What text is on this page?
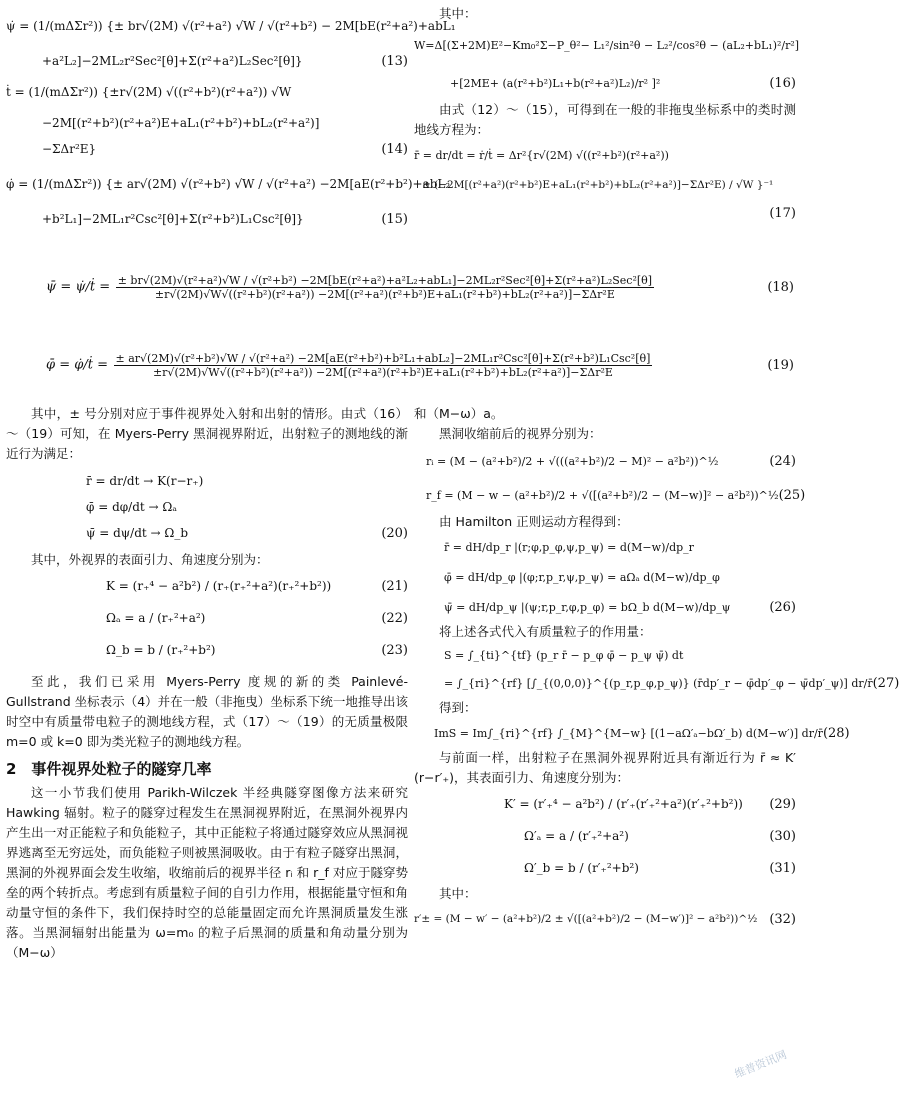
ψ̇ = (1/(mΔΣr²)) {± br√(2M) √(r²+a²) √W / √(r²+b²) − 2M[bE(r²+a²)+abL₁
+a²L₂]−2ML₂r²Sec²[θ]+Σ(r²+a²)L₂Sec²[θ]}	(13)
ṫ = (1/(mΔΣr²)) {±r√(2M) √((r²+b²)(r²+a²)) √W
−2M[(r²+b²)(r²+a²)E+aL₁(r²+b²)+bL₂(r²+a²)]
−ΣΔr²E}	(14)
φ̇ = (1/(mΔΣr²)) {± ar√(2M) √(r²+b²) √W / √(r²+a²) −2M[aE(r²+b²)+abL₂
+b²L₁]−2ML₁r²Csc²[θ]+Σ(r²+b²)L₁Csc²[θ]}	(15)
其中：
W=Δ[(Σ+2M)E²−Km₀²Σ−P_θ²− L₁²/sin²θ − L₂²/cos²θ − (aL₂+bL₁)²/r²]
+[2ME+ (a(r²+b²)L₁+b(r²+a²)L₂)/r² ]²	(16)
由式（12）～（15），可得到在一般的非拖曳坐标系中的类时测地线方程为：
r̄ = dr/dt = ṙ/ṫ = Δr²{r√(2M) √((r²+b²)(r²+a²))
± (−2M[(r²+a²)(r²+b²)E+aL₁(r²+b²)+bL₂(r²+a²)]−ΣΔr²E) / √W }⁻¹
(17)
ψ̄ = ψ̇/ṫ = ± br√(2M)√(r²+a²)√W / √(r²+b²) −2M[bE(r²+a²)+a²L₂+abL₁]−2ML₂r²Sec²[θ]+Σ(r²+a²)L₂Sec²[θ]
±r√(2M)√W√((r²+b²)(r²+a²)) −2M[(r²+a²)(r²+b²)E+aL₁(r²+b²)+bL₂(r²+a²)]−ΣΔr²E	(18)
φ̄ = φ̇/ṫ = ± ar√(2M)√(r²+b²)√W / √(r²+a²) −2M[aE(r²+b²)+b²L₁+abL₂]−2ML₁r²Csc²[θ]+Σ(r²+b²)L₁Csc²[θ]
±r√(2M)√W√((r²+b²)(r²+a²)) −2M[(r²+a²)(r²+b²)E+aL₁(r²+b²)+bL₂(r²+a²)]−ΣΔr²E	(19)
其中，± 号分别对应于事件视界处入射和出射的情形。由式（16）～（19）可知，在 Myers-Perry 黑洞视界附近，出射粒子的测地线的渐近行为满足：
r̄ = dr/dt → K(r−r₊)
φ̄ = dφ/dt → Ωₐ
ψ̄ = dψ/dt → Ω_b	(20)
其中，外视界的表面引力、角速度分别为：
K = (r₊⁴ − a²b²) / (r₊(r₊²+a²)(r₊²+b²))	(21)
Ωₐ = a / (r₊²+a²)	(22)
Ω_b = b / (r₊²+b²)	(23)
至此，我们已采用 Myers-Perry 度规的新的类 Painlevé-Gullstrand 坐标表示（4）并在一般（非拖曳）坐标系下统一地推导出该时空中有质量带电粒子的测地线方程，式（17）～（19）的无质量极限 m=0 或 k=0 即为类光粒子的测地线方程。
2　事件视界处粒子的隧穿几率
这一小节我们使用 Parikh-Wilczek 半经典隧穿图像方法来研究 Hawking 辐射。粒子的隧穿过程发生在黑洞视界附近，在黑洞外视界内产生出一对正能粒子和负能粒子，其中正能粒子将通过隧穿效应从黑洞视界逃离至无穷远处，而负能粒子则被黑洞吸收。由于有粒子隧穿出黑洞，黑洞的外视界面会发生收缩，收缩前后的视界半径 rᵢ 和 r_f 对应于隧穿势垒的两个转折点。考虑到有质量粒子间的自引力作用，根据能量守恒和角动量守恒的条件下，我们保持时空的总能量固定而允许黑洞质量发生涨落。当黑洞辐射出能量为 ω=m₀ 的粒子后黑洞的质量和角动量分别为（M−ω）
和（M−ω）a。
黑洞收缩前后的视界分别为：
rᵢ = (M − (a²+b²)/2 + √(((a²+b²)/2 − M)² − a²b²))^½	(24)
r_f = (M − w − (a²+b²)/2 + √([(a²+b²)/2 − (M−w)]² − a²b²))^½ (25)
由 Hamilton 正则运动方程得到：
r̄ = dH/dp_r |(r;φ,p_φ,ψ,p_ψ) = d(M−w)/dp_r
φ̄ = dH/dp_φ |(φ;r,p_r,ψ,p_ψ) = aΩₐ d(M−w)/dp_φ
ψ̄ = dH/dp_ψ |(ψ;r,p_r,φ,p_φ) = bΩ_b d(M−w)/dp_ψ	(26)
将上述各式代入有质量粒子的作用量：
S = ∫_{ti}^{tf} (p_r r̄ − p_φ φ̄ − p_ψ ψ̄) dt
= ∫_{ri}^{rf} [∫_{(0,0,0)}^{(p_r,p_φ,p_ψ)} (r̄dp′_r − φ̄dp′_φ − ψ̄dp′_ψ)] dr/r̄ (27)
得到：
ImS = Im∫_{ri}^{rf} ∫_{M}^{M−w} [(1−aΩ′ₐ−bΩ′_b) d(M−w′)] dr/r̄ (28)
与前面一样，出射粒子在黑洞外视界附近具有渐近行为 r̄ ≈ K′(r−r′₊)，其表面引力、角速度分别为：
K′ = (r′₊⁴ − a²b²) / (r′₊(r′₊²+a²)(r′₊²+b²))	(29)
Ω′ₐ = a / (r′₊²+a²)	(30)
Ω′_b = b / (r′₊²+b²)	(31)
其中：
r′± = (M − w′ − (a²+b²)/2 ± √([(a²+b²)/2 − (M−w′)]² − a²b²))^½ (32)
维普资讯网
